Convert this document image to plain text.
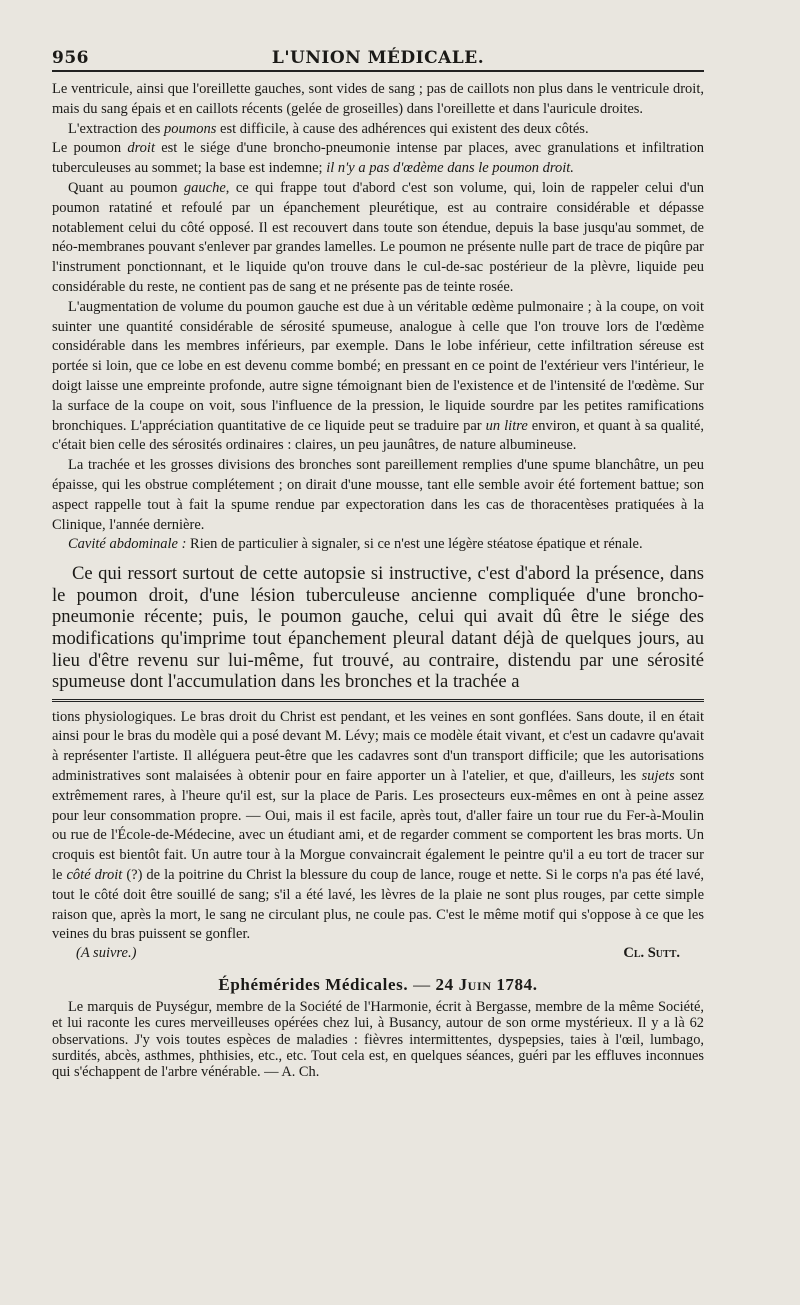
956	L'UNION MÉDICALE.

Le ventricule, ainsi que l'oreillette gauches, sont vides de sang ; pas de caillots non plus dans le ventricule droit, mais du sang épais et en caillots récents (gelée de groseilles) dans l'oreillette et dans l'auricule droites.

L'extraction des poumons est difficile, à cause des adhérences qui existent des deux côtés.

Le poumon droit est le siége d'une broncho-pneumonie intense par places, avec granulations et infiltration tuberculeuses au sommet; la base est indemne; il n'y a pas d'œdème dans le poumon droit.

Quant au poumon gauche, ce qui frappe tout d'abord c'est son volume, qui, loin de rappeler celui d'un poumon ratatiné et refoulé par un épanchement pleurétique, est au contraire considérable et dépasse notablement celui du côté opposé. Il est recouvert dans toute son étendue, depuis la base jusqu'au sommet, de néo-membranes pouvant s'enlever par grandes lamelles. Le poumon ne présente nulle part de trace de piqûre par l'instrument ponctionnant, et le liquide qu'on trouve dans le cul-de-sac postérieur de la plèvre, liquide peu considérable du reste, ne contient pas de sang et ne présente pas de teinte rosée.

L'augmentation de volume du poumon gauche est due à un véritable œdème pulmonaire ; à la coupe, on voit suinter une quantité considérable de sérosité spumeuse, analogue à celle que l'on trouve lors de l'œdème considérable dans les membres inférieurs, par exemple. Dans le lobe inférieur, cette infiltration séreuse est portée si loin, que ce lobe en est devenu comme bombé; en pressant en ce point de l'extérieur vers l'intérieur, le doigt laisse une empreinte profonde, autre signe témoignant bien de l'existence et de l'intensité de l'œdème. Sur la surface de la coupe on voit, sous l'influence de la pression, le liquide sourdre par les petites ramifications bronchiques. L'appréciation quantitative de ce liquide peut se traduire par un litre environ, et quant à sa qualité, c'était bien celle des sérosités ordinaires : claires, un peu jaunâtres, de nature albumineuse.

La trachée et les grosses divisions des bronches sont pareillement remplies d'une spume blanchâtre, un peu épaisse, qui les obstrue complétement ; on dirait d'une mousse, tant elle semble avoir été fortement battue; son aspect rappelle tout à fait la spume rendue par expectoration dans les cas de thoracentèses pratiquées à la Clinique, l'année dernière.

Cavité abdominale : Rien de particulier à signaler, si ce n'est une légère stéatose épatique et rénale.

Ce qui ressort surtout de cette autopsie si instructive, c'est d'abord la présence, dans le poumon droit, d'une lésion tuberculeuse ancienne compliquée d'une broncho-pneumonie récente; puis, le poumon gauche, celui qui avait dû être le siége des modifications qu'imprime tout épanchement pleural datant déjà de quelques jours, au lieu d'être revenu sur lui-même, fut trouvé, au contraire, distendu par une sérosité spumeuse dont l'accumulation dans les bronches et la trachée a

tions physiologiques. Le bras droit du Christ est pendant, et les veines en sont gonflées. Sans doute, il en était ainsi pour le bras du modèle qui a posé devant M. Lévy; mais ce modèle était vivant, et c'est un cadavre qu'avait à représenter l'artiste. Il alléguera peut-être que les cadavres sont d'un transport difficile; que les autorisations administratives sont malaisées à obtenir pour en faire apporter un à l'atelier, et que, d'ailleurs, les sujets sont extrêmement rares, à l'heure qu'il est, sur la place de Paris. Les prosecteurs eux-mêmes en ont à peine assez pour leur consommation propre. — Oui, mais il est facile, après tout, d'aller faire un tour rue du Fer-à-Moulin ou rue de l'École-de-Médecine, avec un étudiant ami, et de regarder comment se comportent les bras morts. Un croquis est bientôt fait. Un autre tour à la Morgue convaincrait également le peintre qu'il a eu tort de tracer sur le côté droit (?) de la poitrine du Christ la blessure du coup de lance, rouge et nette. Si le corps n'a pas été lavé, tout le côté doit être souillé de sang; s'il a été lavé, les lèvres de la plaie ne sont plus rouges, par cette simple raison que, après la mort, le sang ne circulant plus, ne coule pas. C'est le même motif qui s'oppose à ce que les veines du bras puissent se gonfler.

(A suivre.)	Cl. Sutt.
Éphémérides Médicales. — 24 Juin 1784.

Le marquis de Puységur, membre de la Société de l'Harmonie, écrit à Bergasse, membre de la même Société, et lui raconte les cures merveilleuses opérées chez lui, à Busancy, autour de son orme mystérieux. Il y a là 62 observations. J'y vois toutes espèces de maladies : fièvres intermittentes, dyspepsies, taies à l'œil, lumbago, surdités, abcès, asthmes, phthisies, etc., etc. Tout cela est, en quelques séances, guéri par les effluves inconnues qui s'échappent de l'arbre vénérable. — A. Ch.
